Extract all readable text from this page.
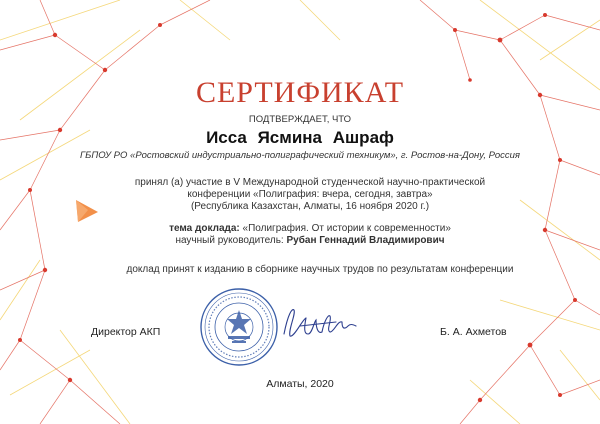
СЕРТИФИКАТ
ПОДТВЕРЖДАЕТ, ЧТО
Исса Ясмина Ашраф
ГБПОУ РО «Ростовский индустриально-полиграфический техникум», г. Ростов-на-Дону, Россия
принял (а) участие в V Международной студенческой научно-практической
конференции «Полиграфия: вчера, сегодня, завтра»
(Республика Казахстан, Алматы, 16 ноября 2020 г.)
тема доклада: «Полиграфия. От истории к современности»
научный руководитель: Рубан Геннадий Владимирович
доклад принят к изданию в сборнике научных трудов по результатам конференции
Директор АКП	Б. А. Ахметов
Алматы, 2020
